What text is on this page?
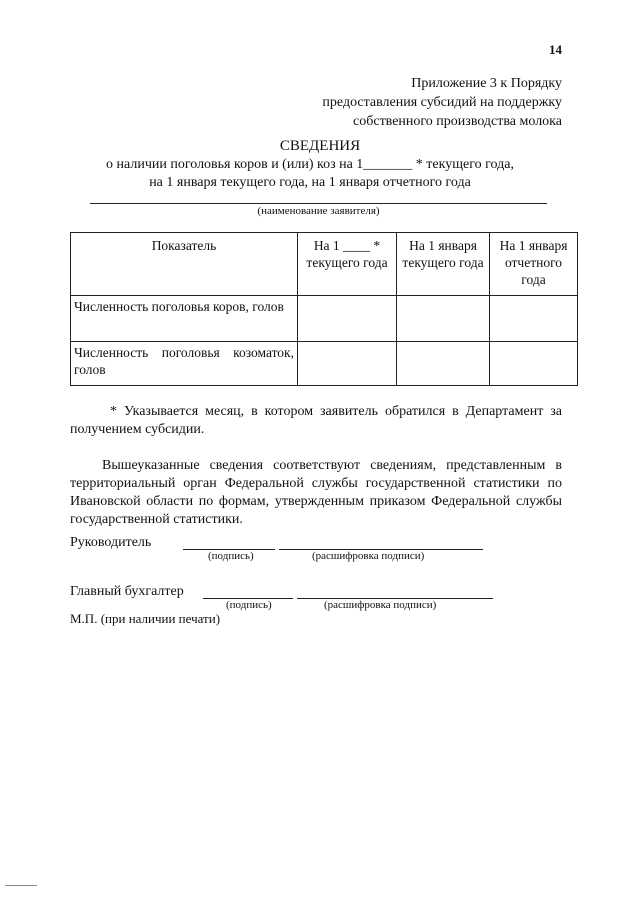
14
Приложение 3 к Порядку
предоставления субсидий на поддержку
собственного производства молока
СВЕДЕНИЯ
о наличии поголовья коров и (или) коз на 1_______ * текущего года,
на 1 января текущего года, на 1 января отчетного года
(наименование заявителя)
Показатель	На 1 ____ * текущего года	На 1 января текущего года	На 1 января отчетного года
Численность поголовья коров, голов			
Численность поголовья козоматок, голов			
* Указывается месяц, в котором заявитель обратился в Департамент за получением субсидии.
Вышеуказанные сведения соответствуют сведениям, представленным в территориальный орган Федеральной службы государственной статистики по Ивановской области по формам, утвержденным приказом Федеральной службы государственной статистики.
Руководитель
(подпись)	(расшифровка подписи)
Главный бухгалтер
(подпись)	(расшифровка подписи)
М.П. (при наличии печати)
